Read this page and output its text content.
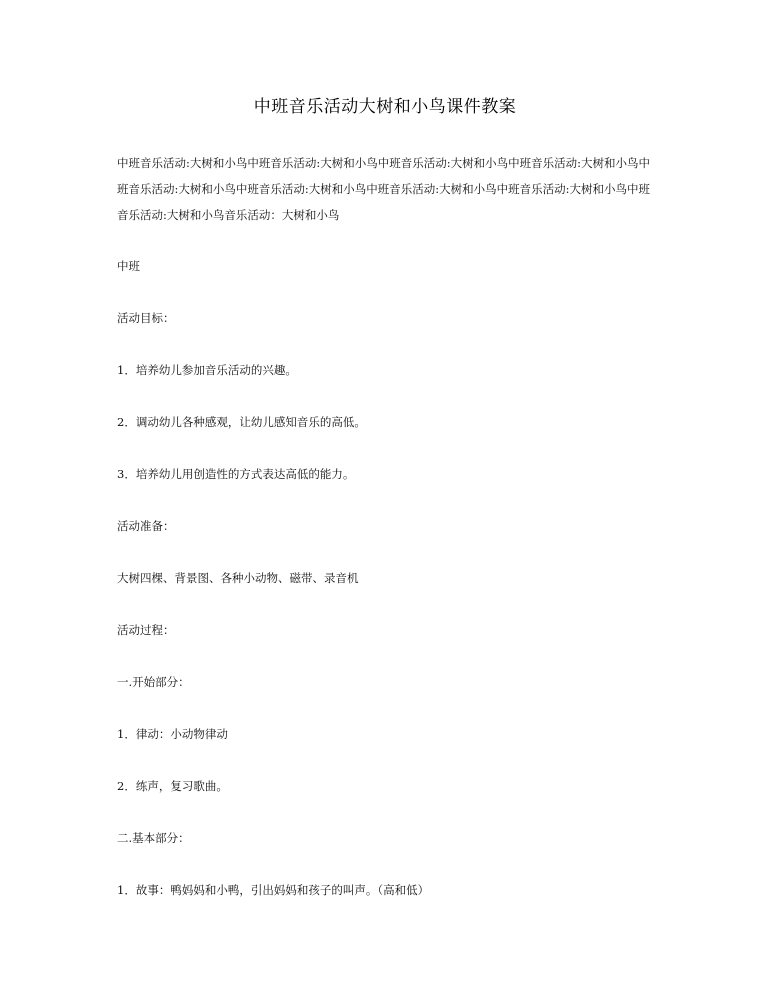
中班音乐活动大树和小鸟课件教案
中班音乐活动:大树和小鸟中班音乐活动:大树和小鸟中班音乐活动:大树和小鸟中班音乐活动:大树和小鸟中班音乐活动:大树和小鸟中班音乐活动:大树和小鸟中班音乐活动:大树和小鸟中班音乐活动:大树和小鸟中班音乐活动:大树和小鸟音乐活动：大树和小鸟
中班
活动目标：
1．培养幼儿参加音乐活动的兴趣。
2．调动幼儿各种感观，让幼儿感知音乐的高低。
3．培养幼儿用创造性的方式表达高低的能力。
活动准备：
大树四棵、背景图、各种小动物、磁带、录音机
活动过程：
一.开始部分：
1．律动：小动物律动
2．练声，复习歌曲。
二.基本部分：
1．故事：鸭妈妈和小鸭，引出妈妈和孩子的叫声。（高和低）
